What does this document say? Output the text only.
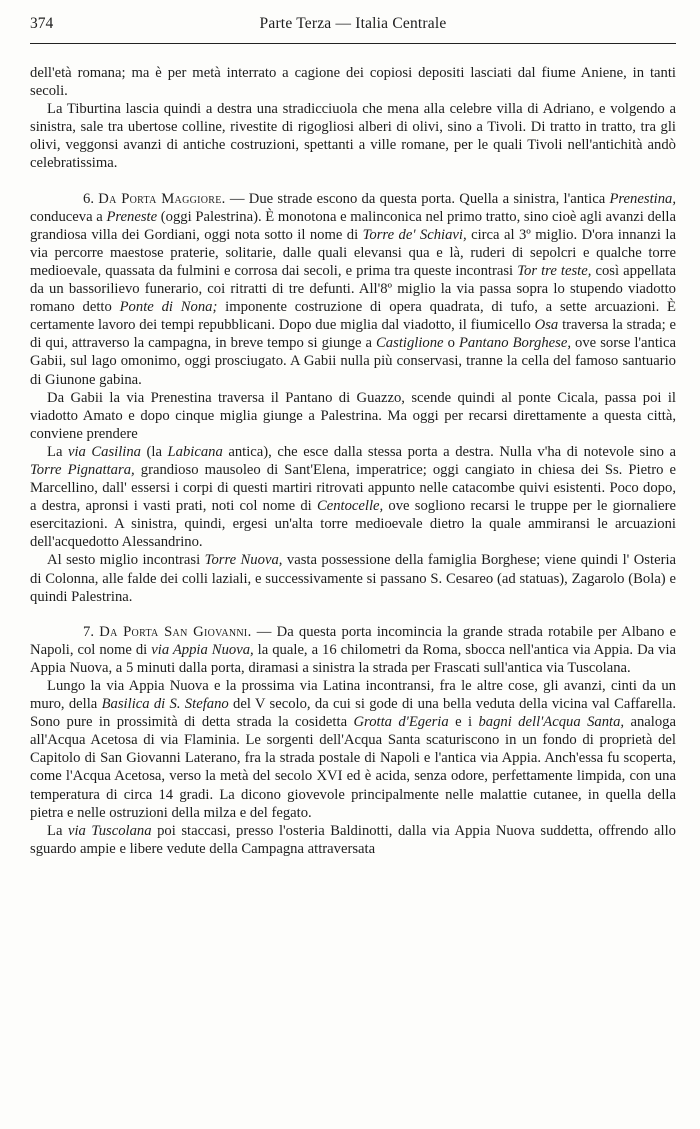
374	Parte Terza — Italia Centrale

dell'età romana; ma è per metà interrato a cagione dei copiosi depositi lasciati dal fiume Aniene, in tanti secoli.

La Tiburtina lascia quindi a destra una stradicciuola che mena alla celebre villa di Adriano, e volgendo a sinistra, sale tra ubertose colline, rivestite di rigogliosi alberi di olivi, sino a Tivoli. Di tratto in tratto, tra gli olivi, veggonsi avanzi di antiche costruzioni, spettanti a ville romane, per le quali Tivoli nell'antichità andò celebratissima.

6. Da Porta Maggiore. — Due strade escono da questa porta. Quella a sinistra, l'antica Prenestina, conduceva a Preneste (oggi Palestrina). È monotona e malinconica nel primo tratto, sino cioè agli avanzi della grandiosa villa dei Gordiani, oggi nota sotto il nome di Torre de' Schiavi, circa al 3º miglio. D'ora innanzi la via percorre maestose praterie, solitarie, dalle quali elevansi qua e là, ruderi di sepolcri e qualche torre medioevale, quassata da fulmini e corrosa dai secoli, e prima tra queste incontrasi Tor tre teste, così appellata da un bassorilievo funerario, coi ritratti di tre defunti. All'8º miglio la via passa sopra lo stupendo viadotto romano detto Ponte di Nona; imponente costruzione di opera quadrata, di tufo, a sette arcuazioni. È certamente lavoro dei tempi repubblicani. Dopo due miglia dal viadotto, il fiumicello Osa traversa la strada; e di qui, attraverso la campagna, in breve tempo si giunge a Castiglione o Pantano Borghese, ove sorse l'antica Gabii, sul lago omonimo, oggi prosciugato. A Gabii nulla più conservasi, tranne la cella del famoso santuario di Giunone gabina.

Da Gabii la via Prenestina traversa il Pantano di Guazzo, scende quindi al ponte Cicala, passa poi il viadotto Amato e dopo cinque miglia giunge a Palestrina. Ma oggi per recarsi direttamente a questa città, conviene prendere

La via Casilina (la Labicana antica), che esce dalla stessa porta a destra. Nulla v'ha di notevole sino a Torre Pignattara, grandioso mausoleo di Sant'Elena, imperatrice; oggi cangiato in chiesa dei Ss. Pietro e Marcellino, dall' essersi i corpi di questi martiri ritrovati appunto nelle catacombe quivi esistenti. Poco dopo, a destra, apronsi i vasti prati, noti col nome di Centocelle, ove sogliono recarsi le truppe per le giornaliere esercitazioni. A sinistra, quindi, ergesi un'alta torre medioevale dietro la quale ammiransi le arcuazioni dell'acquedotto Alessandrino.

Al sesto miglio incontrasi Torre Nuova, vasta possessione della famiglia Borghese; viene quindi l' Osteria di Colonna, alle falde dei colli laziali, e successivamente si passano S. Cesareo (ad statuas), Zagarolo (Bola) e quindi Palestrina.

7. Da Porta San Giovanni. — Da questa porta incomincia la grande strada rotabile per Albano e Napoli, col nome di via Appia Nuova, la quale, a 16 chilometri da Roma, sbocca nell'antica via Appia. Da via Appia Nuova, a 5 minuti dalla porta, diramasi a sinistra la strada per Frascati sull'antica via Tuscolana.

Lungo la via Appia Nuova e la prossima via Latina incontransi, fra le altre cose, gli avanzi, cinti da un muro, della Basilica di S. Stefano del V secolo, da cui si gode di una bella veduta della vicina val Caffarella. Sono pure in prossimità di detta strada la cosidetta Grotta d'Egeria e i bagni dell'Acqua Santa, analoga all'Acqua Acetosa di via Flaminia. Le sorgenti dell'Acqua Santa scaturiscono in un fondo di proprietà del Capitolo di San Giovanni Laterano, fra la strada postale di Napoli e l'antica via Appia. Anch'essa fu scoperta, come l'Acqua Acetosa, verso la metà del secolo XVI ed è acida, senza odore, perfettamente limpida, con una temperatura di circa 14 gradi. La dicono giovevole principalmente nelle malattie cutanee, in quella della pietra e nelle ostruzioni della milza e del fegato.

La via Tuscolana poi staccasi, presso l'osteria Baldinotti, dalla via Appia Nuova suddetta, offrendo allo sguardo ampie e libere vedute della Campagna attraversata
